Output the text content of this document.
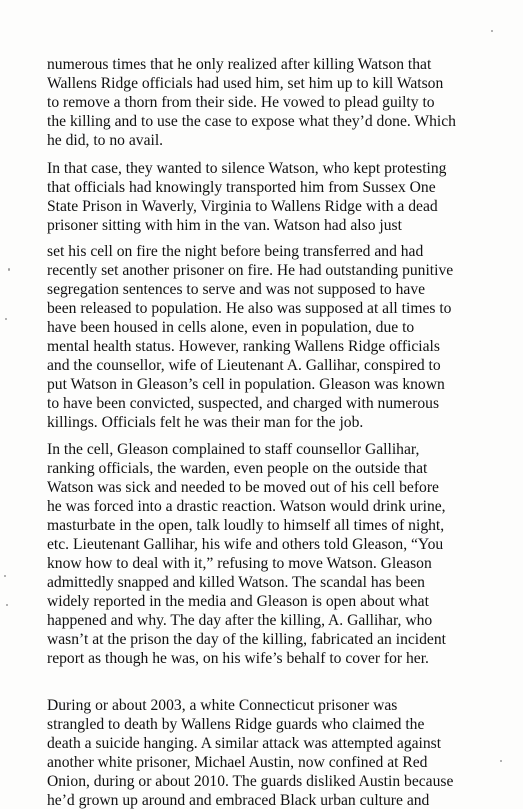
numerous times that he only realized after killing Watson that
Wallens Ridge officials had used him, set him up to kill Watson
to remove a thorn from their side. He vowed to plead guilty to
the killing and to use the case to expose what they’d done. Which
he did, to no avail.
In that case, they wanted to silence Watson, who kept protesting
that officials had knowingly transported him from Sussex One
State Prison in Waverly, Virginia to Wallens Ridge with a dead
prisoner sitting with him in the van. Watson had also just
set his cell on fire the night before being transferred and had
recently set another prisoner on fire. He had outstanding punitive
segregation sentences to serve and was not supposed to have
been released to population. He also was supposed at all times to
have been housed in cells alone, even in population, due to
mental health status. However, ranking Wallens Ridge officials
and the counsellor, wife of Lieutenant A. Gallihar, conspired to
put Watson in Gleason’s cell in population. Gleason was known
to have been convicted, suspected, and charged with numerous
killings. Officials felt he was their man for the job.
In the cell, Gleason complained to staff counsellor Gallihar,
ranking officials, the warden, even people on the outside that
Watson was sick and needed to be moved out of his cell before
he was forced into a drastic reaction. Watson would drink urine,
masturbate in the open, talk loudly to himself all times of night,
etc. Lieutenant Gallihar, his wife and others told Gleason, “You
know how to deal with it,” refusing to move Watson. Gleason
admittedly snapped and killed Watson. The scandal has been
widely reported in the media and Gleason is open about what
happened and why. The day after the killing, A. Gallihar, who
wasn’t at the prison the day of the killing, fabricated an incident
report as though he was, on his wife’s behalf to cover for her.
During or about 2003, a white Connecticut prisoner was
strangled to death by Wallens Ridge guards who claimed the
death a suicide hanging. A similar attack was attempted against
another white prisoner, Michael Austin, now confined at Red
Onion, during or about 2010. The guards disliked Austin because
he’d grown up around and embraced Black urban culture and
